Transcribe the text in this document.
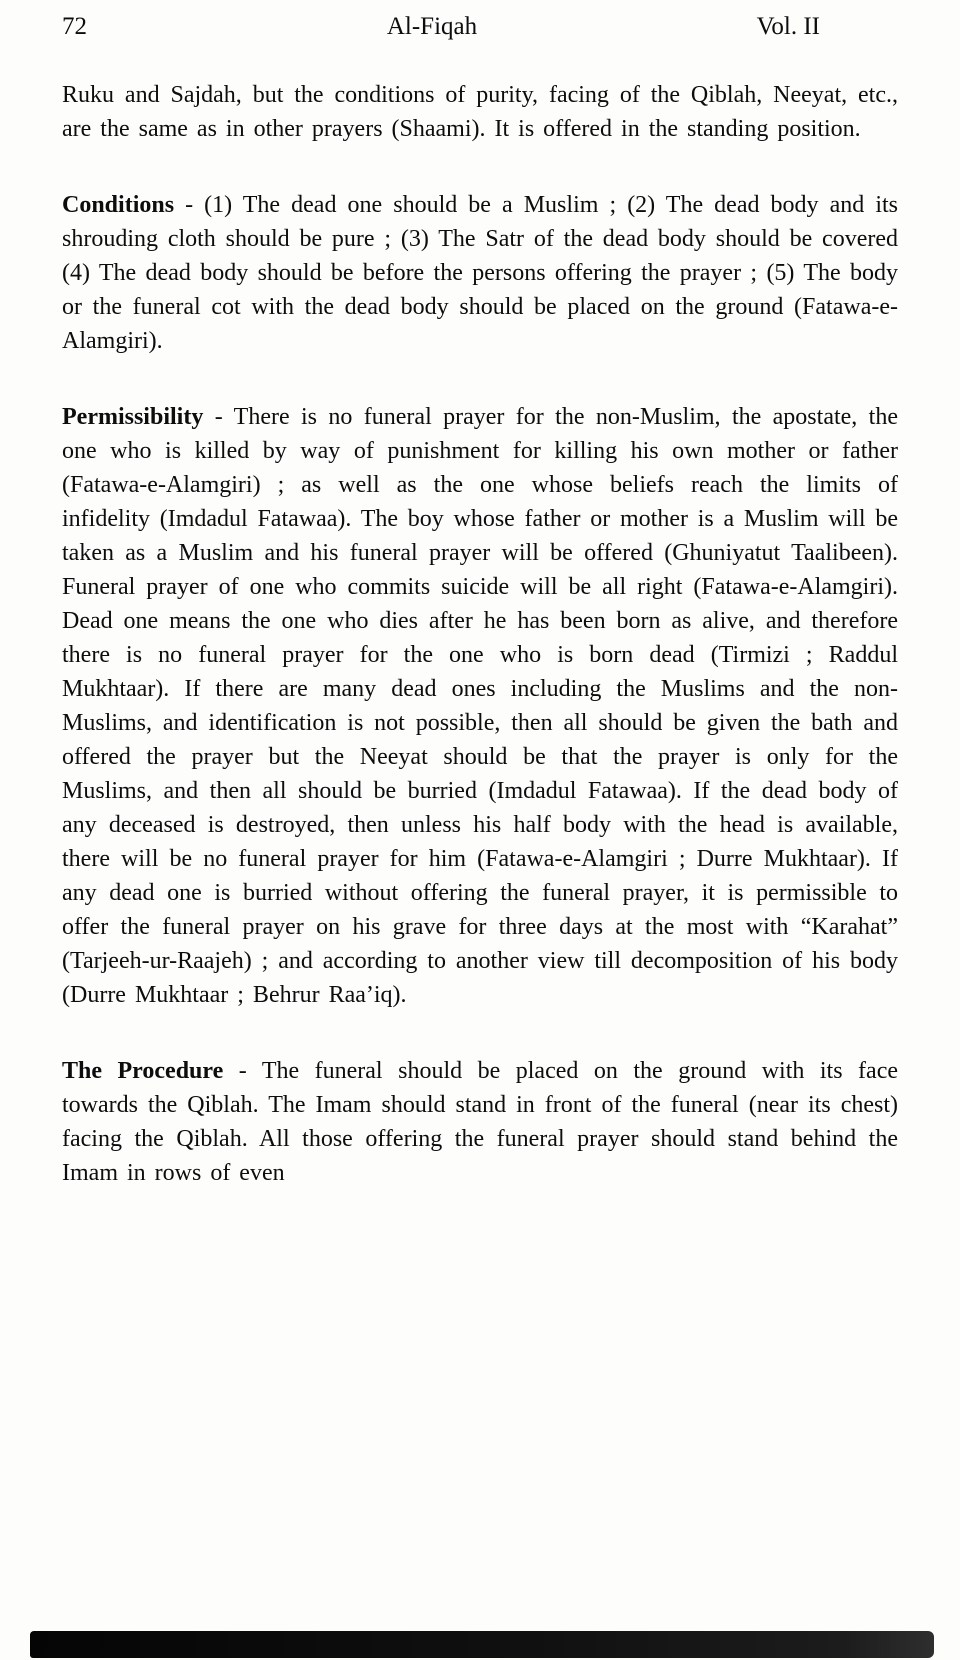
72	Al-Fiqah	Vol. II

Ruku and Sajdah, but the conditions of purity, facing of the Qiblah, Neeyat, etc., are the same as in other prayers (Shaami). It is offered in the standing position.

Conditions - (1) The dead one should be a Muslim ; (2) The dead body and its shrouding cloth should be pure ; (3) The Satr of the dead body should be covered (4) The dead body should be before the persons offering the prayer ; (5) The body or the funeral cot with the dead body should be placed on the ground (Fatawa-e-Alamgiri).

Permissibility - There is no funeral prayer for the non-Muslim, the apostate, the one who is killed by way of punishment for killing his own mother or father (Fatawa-e-Alamgiri) ; as well as the one whose beliefs reach the limits of infidelity (Imdadul Fatawaa). The boy whose father or mother is a Muslim will be taken as a Muslim and his funeral prayer will be offered (Ghuniyatut Taalibeen). Funeral prayer of one who commits suicide will be all right (Fatawa-e-Alamgiri). Dead one means the one who dies after he has been born as alive, and therefore there is no funeral prayer for the one who is born dead (Tirmizi ; Raddul Mukhtaar). If there are many dead ones including the Muslims and the non-Muslims, and identification is not possible, then all should be given the bath and offered the prayer but the Neeyat should be that the prayer is only for the Muslims, and then all should be burried (Imdadul Fatawaa). If the dead body of any deceased is destroyed, then unless his half body with the head is available, there will be no funeral prayer for him (Fatawa-e-Alamgiri ; Durre Mukhtaar). If any dead one is burried without offering the funeral prayer, it is permissible to offer the funeral prayer on his grave for three days at the most with “Karahat” (Tarjeeh-ur-Raajeh) ; and according to another view till decomposition of his body (Durre Mukhtaar ; Behrur Raa’iq).

The Procedure - The funeral should be placed on the ground with its face towards the Qiblah. The Imam should stand in front of the funeral (near its chest) facing the Qiblah. All those offering the funeral prayer should stand behind the Imam in rows of even
